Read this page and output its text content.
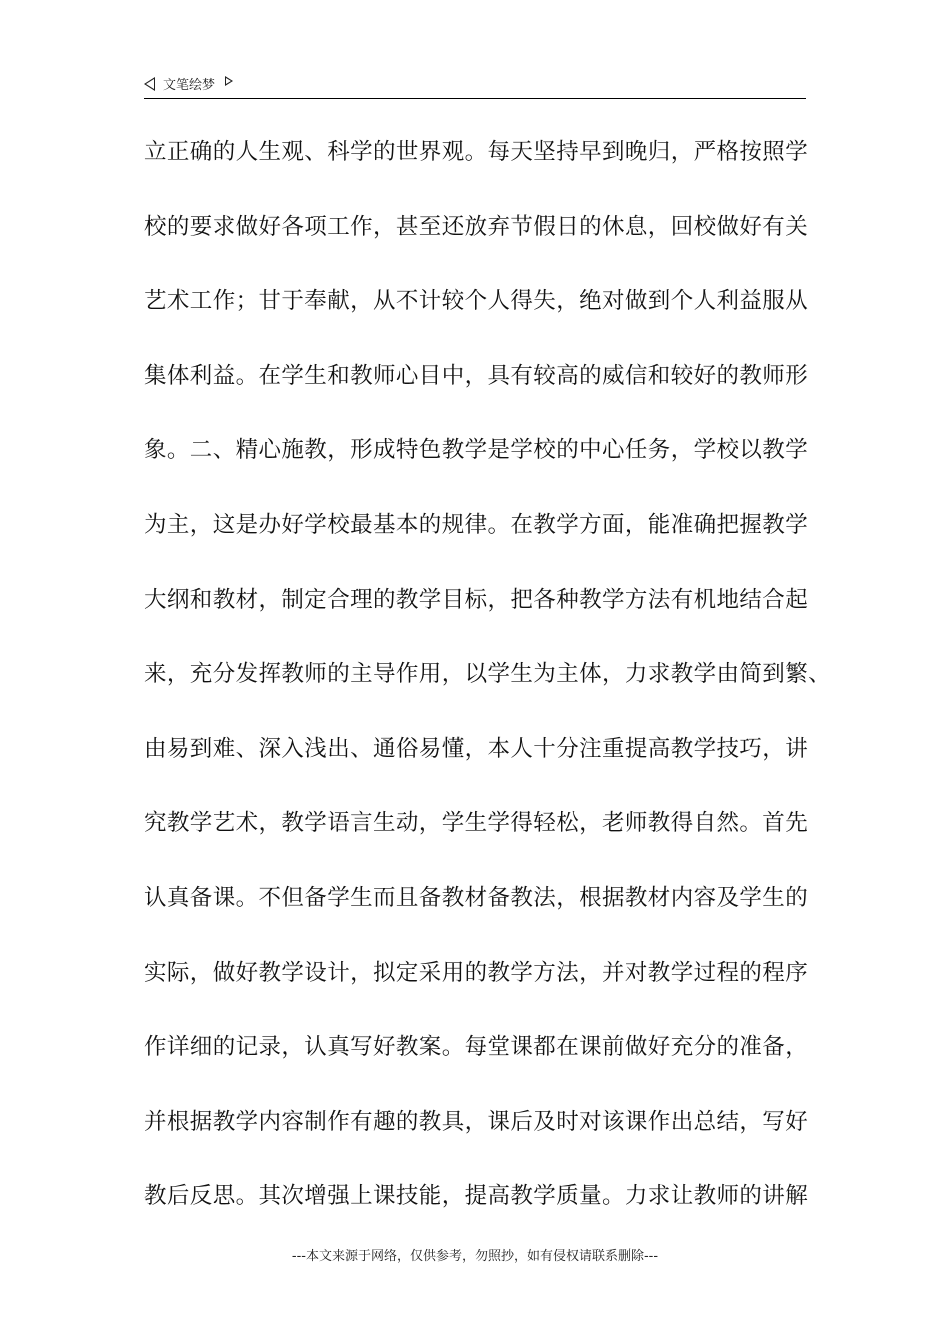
文笔绘梦
立正确的人生观、科学的世界观。每天坚持早到晚归，严格按照学
校的要求做好各项工作，甚至还放弃节假日的休息，回校做好有关
艺术工作；甘于奉献，从不计较个人得失，绝对做到个人利益服从
集体利益。在学生和教师心目中，具有较高的威信和较好的教师形
象。二、精心施教，形成特色教学是学校的中心任务，学校以教学
为主，这是办好学校最基本的规律。在教学方面，能准确把握教学
大纲和教材，制定合理的教学目标，把各种教学方法有机地结合起
来，充分发挥教师的主导作用，以学生为主体，力求教学由简到繁、
由易到难、深入浅出、通俗易懂，本人十分注重提高教学技巧，讲
究教学艺术，教学语言生动，学生学得轻松，老师教得自然。首先
认真备课。不但备学生而且备教材备教法，根据教材内容及学生的
实际，做好教学设计，拟定采用的教学方法，并对教学过程的程序
作详细的记录，认真写好教案。每堂课都在课前做好充分的准备，
并根据教学内容制作有趣的教具，课后及时对该课作出总结，写好
教后反思。其次增强上课技能，提高教学质量。力求让教师的讲解
---本文来源于网络，仅供参考，勿照抄，如有侵权请联系删除---
